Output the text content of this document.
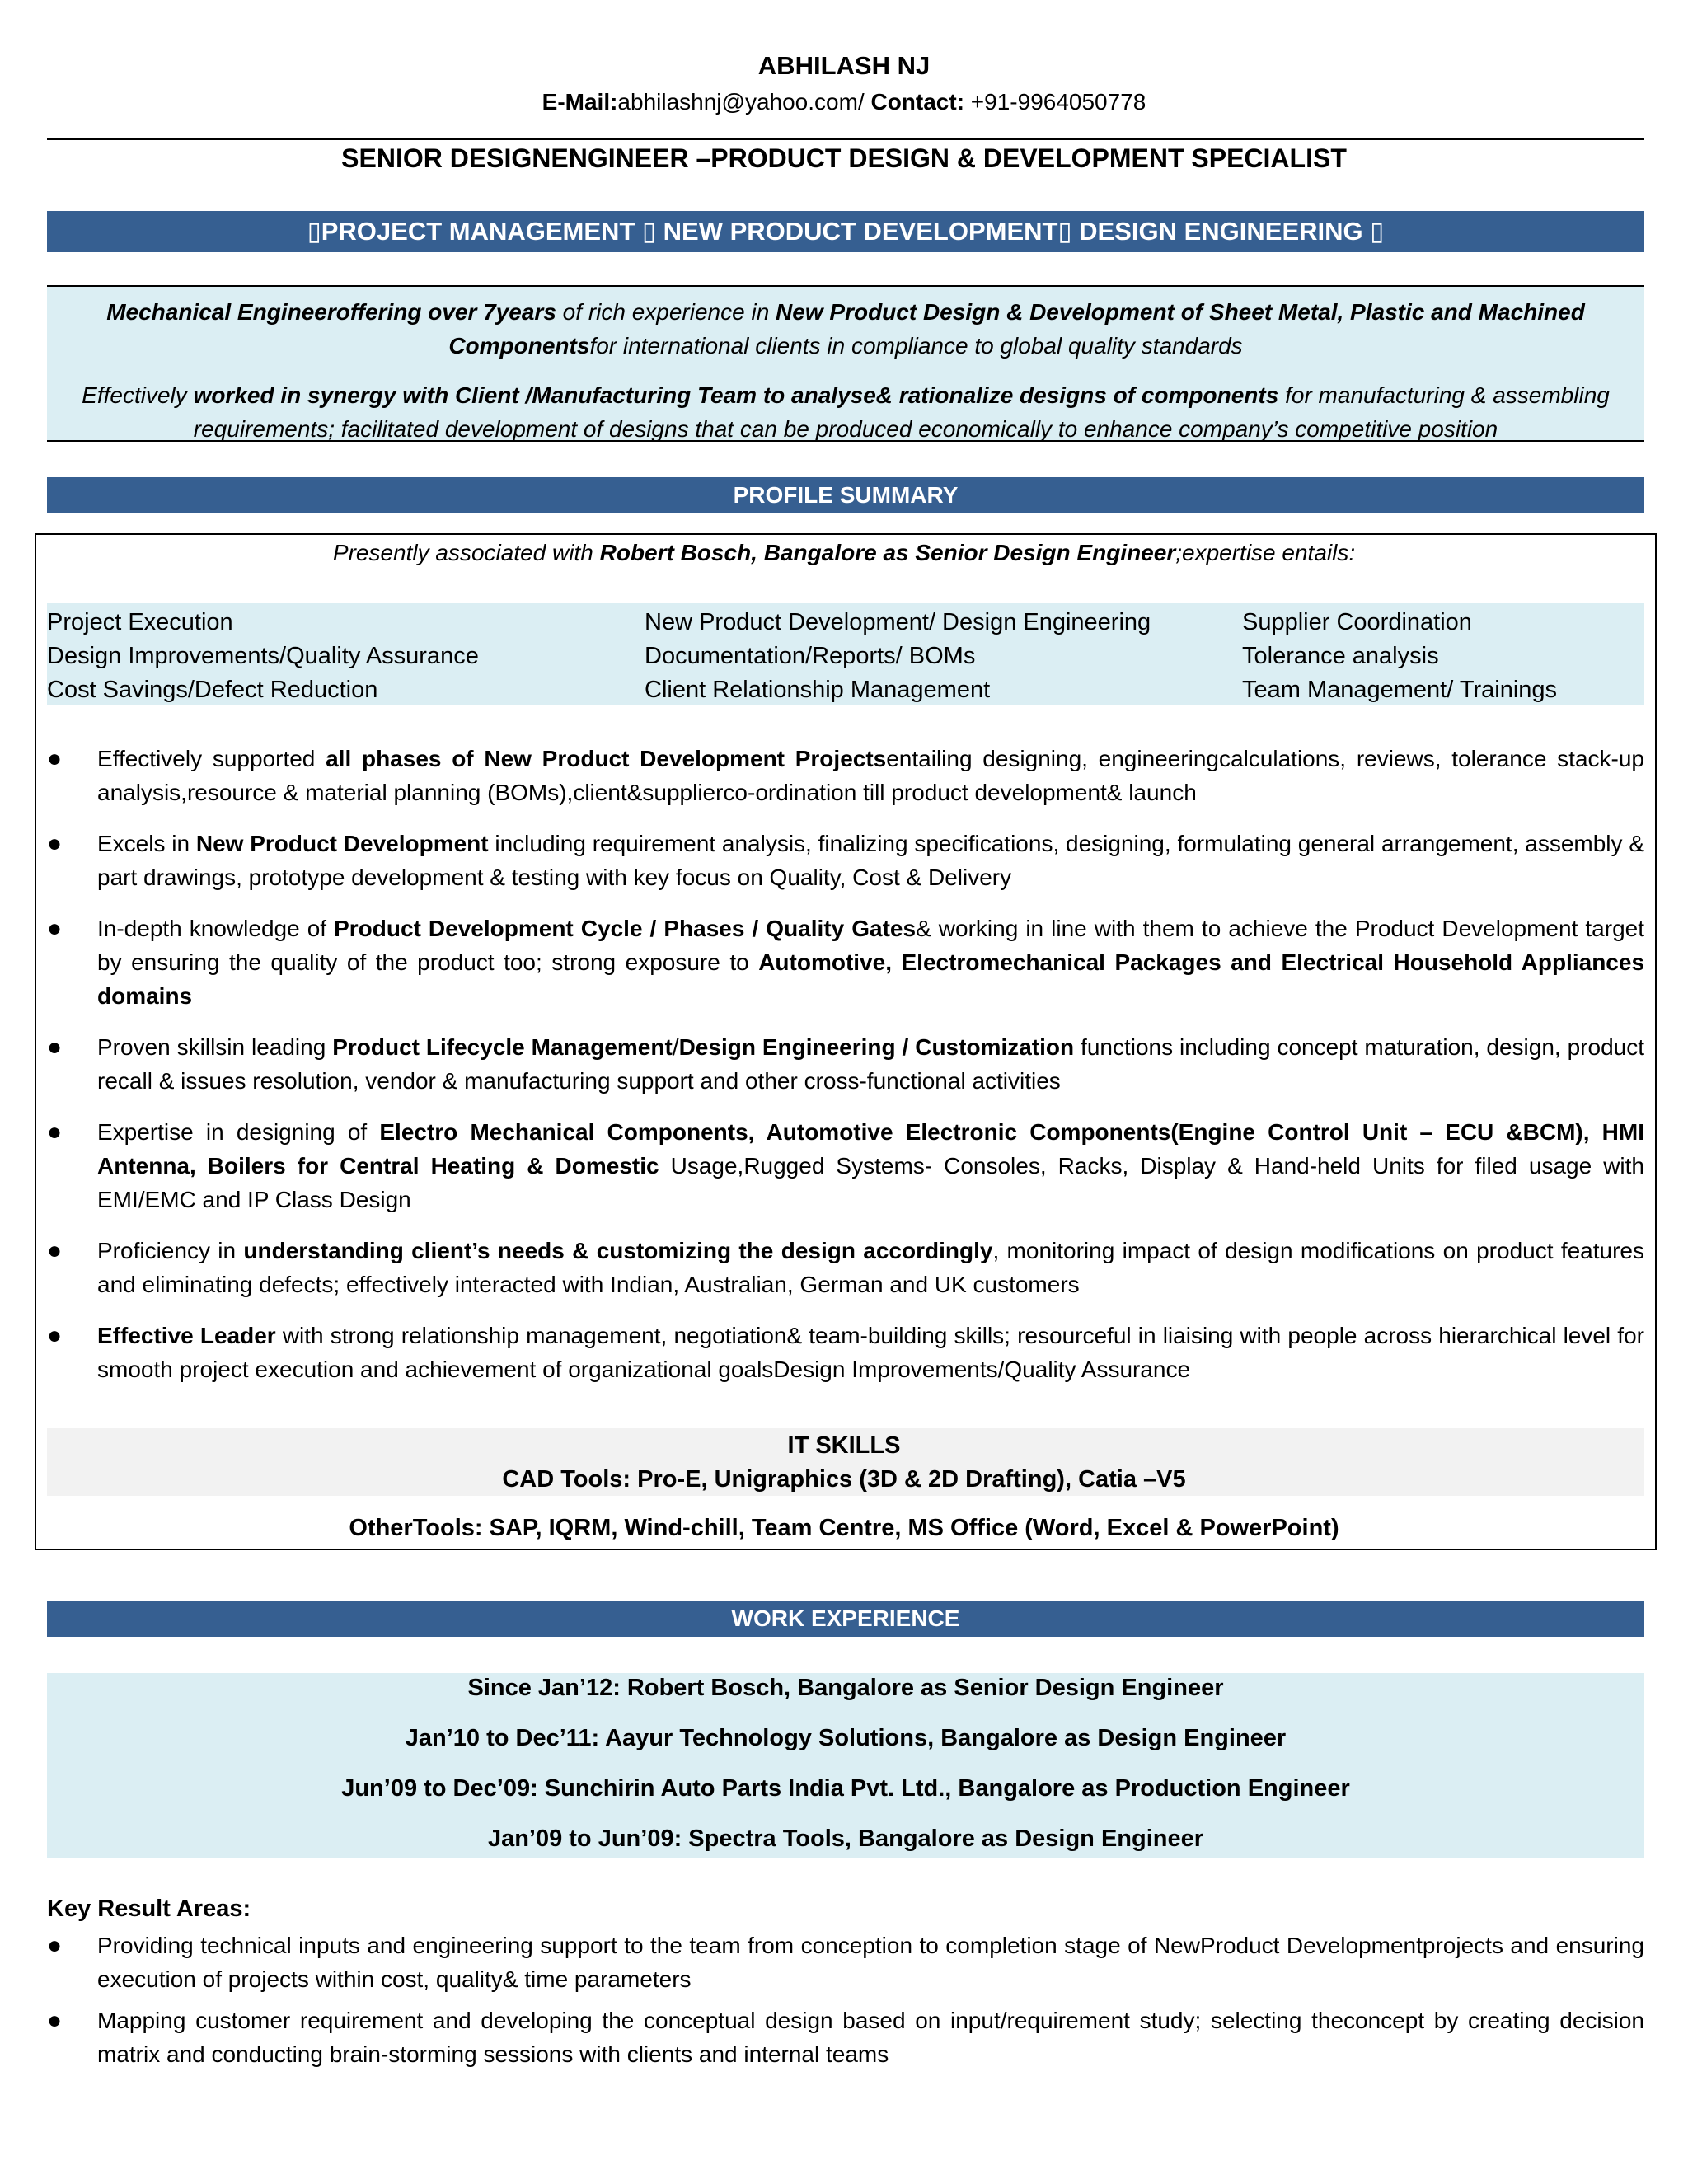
ABHILASH NJ
E-Mail:abhilashnj@yahoo.com/ Contact: +91-9964050778
SENIOR DESIGNENGINEER –PRODUCT DESIGN & DEVELOPMENT SPECIALIST
▯PROJECT MANAGEMENT ▯ NEW PRODUCT DEVELOPMENT▯ DESIGN ENGINEERING ▯

Mechanical Engineeroffering over 7years of rich experience in New Product Design & Development of Sheet Metal, Plastic and Machined Componentsfor international clients in compliance to global quality standards

Effectively worked in synergy with Client /Manufacturing Team to analyse& rationalize designs of components for manufacturing & assembling requirements; facilitated development of designs that can be produced economically to enhance company’s competitive position

PROFILE SUMMARY
Presently associated with Robert Bosch, Bangalore as Senior Design Engineer;expertise entails:
Project Execution
Design Improvements/Quality Assurance
Cost Savings/Defect Reduction
New Product Development/ Design Engineering
Documentation/Reports/ BOMs
Client Relationship Management
Supplier Coordination
Tolerance analysis
Team Management/ Trainings
● Effectively supported all phases of New Product Development Projectsentailing designing, engineeringcalculations, reviews, tolerance stack-up analysis,resource & material planning (BOMs),client&supplierco-ordination till product development& launch
● Excels in New Product Development including requirement analysis, finalizing specifications, designing, formulating general arrangement, assembly & part drawings, prototype development & testing with key focus on Quality, Cost & Delivery
● In-depth knowledge of Product Development Cycle / Phases / Quality Gates& working in line with them to achieve the Product Development target by ensuring the quality of the product too; strong exposure to Automotive, Electromechanical Packages and Electrical Household Appliances domains
● Proven skillsin leading Product Lifecycle Management/Design Engineering / Customization functions including concept maturation, design, product recall & issues resolution, vendor & manufacturing support and other cross-functional activities
● Expertise in designing of Electro Mechanical Components, Automotive Electronic Components(Engine Control Unit – ECU &BCM), HMI Antenna, Boilers for Central Heating & Domestic Usage,Rugged Systems- Consoles, Racks, Display & Hand-held Units for filed usage with EMI/EMC and IP Class Design
● Proficiency in understanding client’s needs & customizing the design accordingly, monitoring impact of design modifications on product features and eliminating defects; effectively interacted with Indian, Australian, German and UK customers
● Effective Leader with strong relationship management, negotiation& team-building skills; resourceful in liaising with people across hierarchical level for smooth project execution and achievement of organizational goalsDesign Improvements/Quality Assurance
IT SKILLS
CAD Tools: Pro-E, Unigraphics (3D & 2D Drafting), Catia –V5
OtherTools: SAP, IQRM, Wind-chill, Team Centre, MS Office (Word, Excel & PowerPoint)
WORK EXPERIENCE
Since Jan’12: Robert Bosch, Bangalore as Senior Design Engineer
Jan’10 to Dec’11: Aayur Technology Solutions, Bangalore as Design Engineer
Jun’09 to Dec’09: Sunchirin Auto Parts India Pvt. Ltd., Bangalore as Production Engineer
Jan’09 to Jun’09: Spectra Tools, Bangalore as Design Engineer
Key Result Areas:
● Providing technical inputs and engineering support to the team from conception to completion stage of NewProduct Developmentprojects and ensuring execution of projects within cost, quality& time parameters
● Mapping customer requirement and developing the conceptual design based on input/requirement study; selecting theconcept by creating decision matrix and conducting brain-storming sessions with clients and internal teams
